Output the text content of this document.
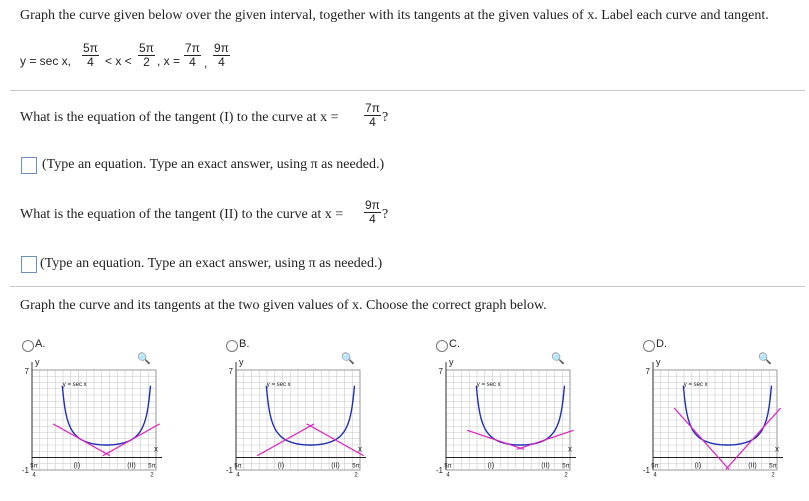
Graph the curve given below over the given interval, together with its tangents at the given values of x. Label each curve and tangent.
y = sec x, $\frac{5\pi}{4} < x < \frac{5\pi}{2}$ , $x = \frac{7\pi}{4}$ , $\frac{9\pi}{4}$
What is the equation of the tangent (I) to the curve at $x = \frac{7\pi}{4}$ ?
(Type an equation. Type an exact answer, using π as needed.)
What is the equation of the tangent (II) to the curve at $x = \frac{9\pi}{4}$ ?
(Type an equation. Type an exact answer, using π as needed.)
Graph the curve and its tangents at the two given values of x. Choose the correct graph below.
A.
🔍
y
x
7
-1 5π
4
5π
2
y = sec x
(I)	(II)
B.
🔍
y
x
7
-1 5π
4
5π
2
y = sec x
(I)	(II)
C.
🔍
y
x
7
-1 5π
4
5π
2
y = sec x
(I)	(II)
D.
🔍
y
x
7
-1 5π
4
5π
2
y = sec x
(I)	(II)
